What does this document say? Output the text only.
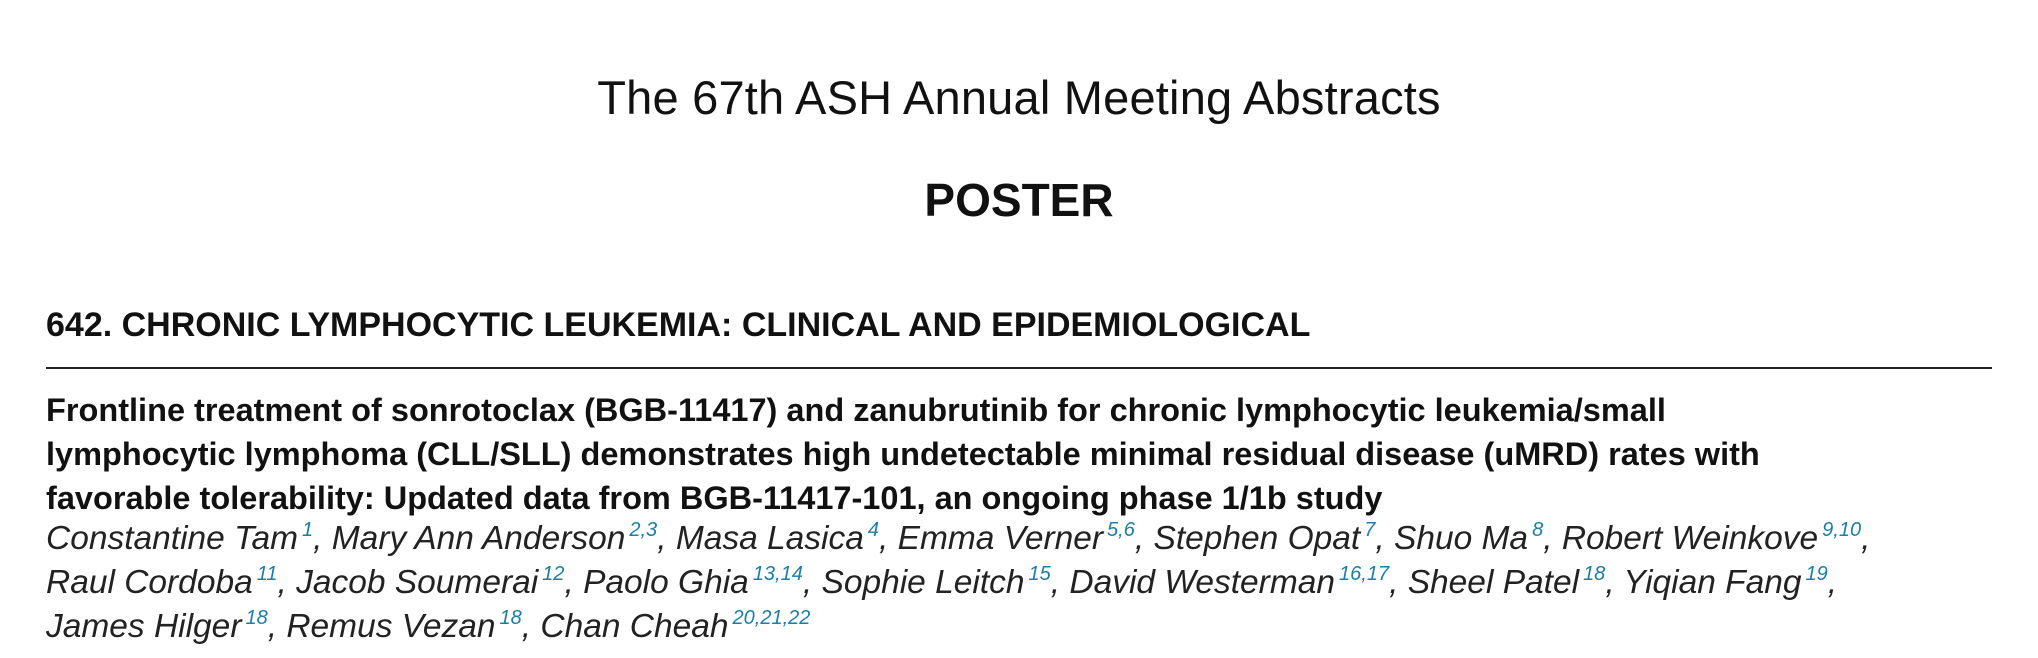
The 67th ASH Annual Meeting Abstracts
POSTER
642. CHRONIC LYMPHOCYTIC LEUKEMIA: CLINICAL AND EPIDEMIOLOGICAL
Frontline treatment of sonrotoclax (BGB-11417) and zanubrutinib for chronic lymphocytic leukemia/small
lymphocytic lymphoma (CLL/SLL) demonstrates high undetectable minimal residual disease (uMRD) rates with
favorable tolerability: Updated data from BGB-11417-101, an ongoing phase 1/1b study
Constantine Tam $^1$, Mary Ann Anderson $^{2,3}$, Masa Lasica $^4$, Emma Verner $^{5,6}$, Stephen Opat $^7$, Shuo Ma $^8$, Robert Weinkove $^{9,10}$,
Raul Cordoba $^{11}$, Jacob Soumerai $^{12}$, Paolo Ghia $^{13,14}$, Sophie Leitch $^{15}$, David Westerman $^{16,17}$, Sheel Patel $^{18}$, Yiqian Fang $^{19}$,
James Hilger $^{18}$, Remus Vezan $^{18}$, Chan Cheah $^{20,21,22}$
